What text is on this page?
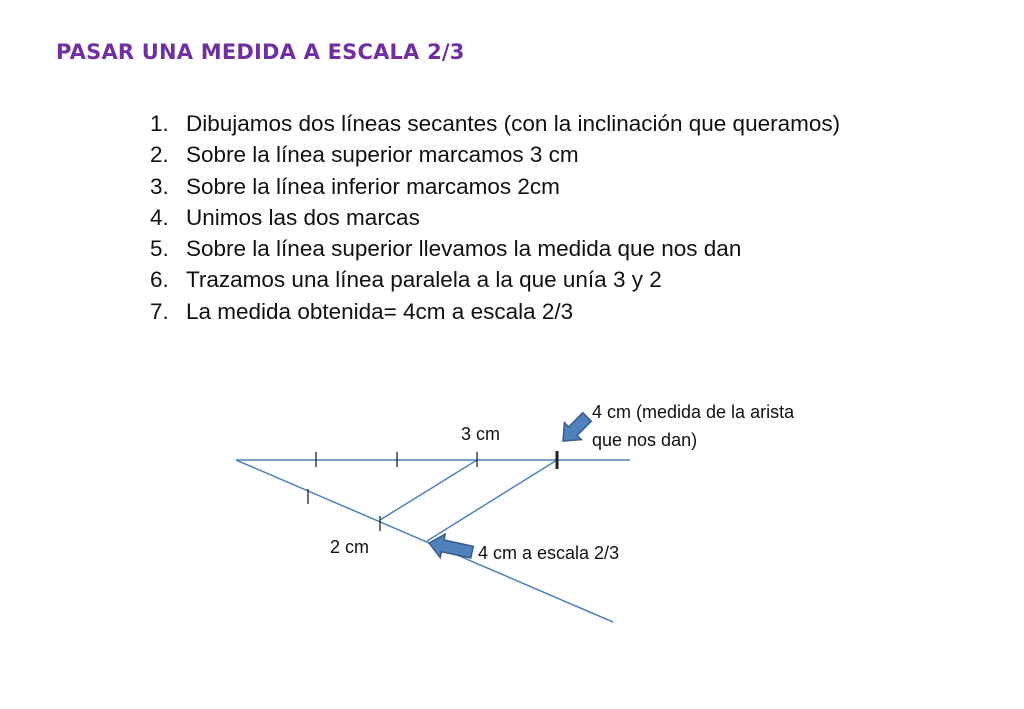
PASAR UNA MEDIDA A ESCALA 2/3
1. Dibujamos dos líneas secantes (con la inclinación que queramos)
2. Sobre la línea superior marcamos 3 cm
3. Sobre la línea inferior marcamos 2cm
4. Unimos las dos marcas
5. Sobre la línea superior llevamos la medida que nos dan
6. Trazamos una línea paralela a la que unía 3 y 2
7. La medida obtenida= 4cm a escala 2/3
3 cm
2 cm
4 cm (medida de la arista
que nos dan)
4 cm a escala 2/3
